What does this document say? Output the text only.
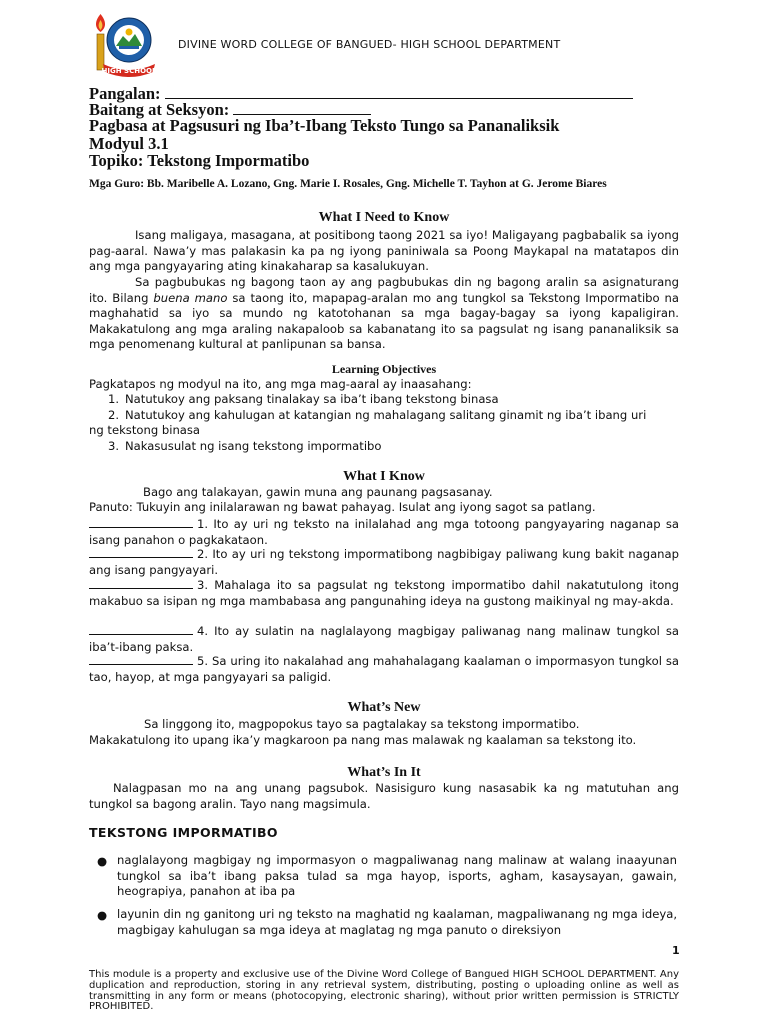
HIGH SCHOOL
DIVINE WORD COLLEGE OF BANGUED- HIGH SCHOOL DEPARTMENT
Pangalan:
Baitang at Seksyon:
Pagbasa at Pagsusuri ng Iba’t-Ibang Teksto Tungo sa Pananaliksik
Modyul 3.1
Topiko: Tekstong Impormatibo
Mga Guro: Bb. Maribelle A. Lozano, Gng. Marie I. Rosales, Gng. Michelle T. Tayhon at G. Jerome Biares
What I Need to Know
Isang maligaya, masagana, at positibong taong 2021 sa iyo! Maligayang pagbabalik sa iyong pag-aaral. Nawa’y mas palakasin ka pa ng iyong paniniwala sa Poong Maykapal na matatapos din ang mga pangyayaring ating kinakaharap sa kasalukuyan.
Sa pagbubukas ng bagong taon ay ang pagbubukas din ng bagong aralin sa asignaturang ito. Bilang buena mano sa taong ito, mapapag-aralan mo ang tungkol sa Tekstong Impormatibo na maghahatid sa iyo sa mundo ng katotohanan sa mga bagay-bagay sa iyong kapaligiran. Makakatulong ang mga araling nakapaloob sa kabanatang ito sa pagsulat ng isang pananaliksik sa mga penomenang kultural at panlipunan sa bansa.
Learning Objectives
Pagkatapos ng modyul na ito, ang mga mag-aaral ay inaasahang:
1. Natutukoy ang paksang tinalakay sa iba’t ibang tekstong binasa
2. Natutukoy ang kahulugan at katangian ng mahalagang salitang ginamit ng iba’t ibang uri
ng tekstong binasa
3. Nakasusulat ng isang tekstong impormatibo
What I Know
Bago ang talakayan, gawin muna ang paunang pagsasanay.
Panuto: Tukuyin ang inilalarawan ng bawat pahayag. Isulat ang iyong sagot sa patlang.
1. Ito ay uri ng teksto na inilalahad ang mga totoong pangyayaring naganap sa isang panahon o pagkakataon.
2. Ito ay uri ng tekstong impormatibong nagbibigay paliwang kung bakit naganap ang isang pangyayari.
3. Mahalaga ito sa pagsulat ng tekstong impormatibo dahil nakatutulong itong makabuo sa isipan ng mga mambabasa ang pangunahing ideya na gustong maikinyal ng may-akda.
4. Ito ay sulatin na naglalayong magbigay paliwanag nang malinaw tungkol sa iba’t-ibang paksa.
5. Sa uring ito nakalahad ang mahahalagang kaalaman o impormasyon tungkol sa tao, hayop, at mga pangyayari sa paligid.
What’s New
Sa linggong ito, magpopokus tayo sa pagtalakay sa tekstong impormatibo.
Makakatulong ito upang ika’y magkaroon pa nang mas malawak ng kaalaman sa tekstong ito.
What’s In It
Nalagpasan mo na ang unang pagsubok. Nasisiguro kung nasasabik ka ng matutuhan ang tungkol sa bagong aralin. Tayo nang magsimula.
TEKSTONG IMPORMATIBO
● naglalayong magbigay ng impormasyon o magpaliwanag nang malinaw at walang inaayunan tungkol sa iba’t ibang paksa tulad sa mga hayop, isports, agham, kasaysayan, gawain, heograpiya, panahon at iba pa
● layunin din ng ganitong uri ng teksto na maghatid ng kaalaman, magpaliwanang ng mga ideya, magbigay kahulugan sa mga ideya at maglatag ng mga panuto o direksiyon
1
This module is a property and exclusive use of the Divine Word College of Bangued HIGH SCHOOL DEPARTMENT. Any duplication and reproduction, storing in any retrieval system, distributing, posting o uploading online as well as transmitting in any form or means (photocopying, electronic sharing), without prior written permission is STRICTLY PROHIBITED.
